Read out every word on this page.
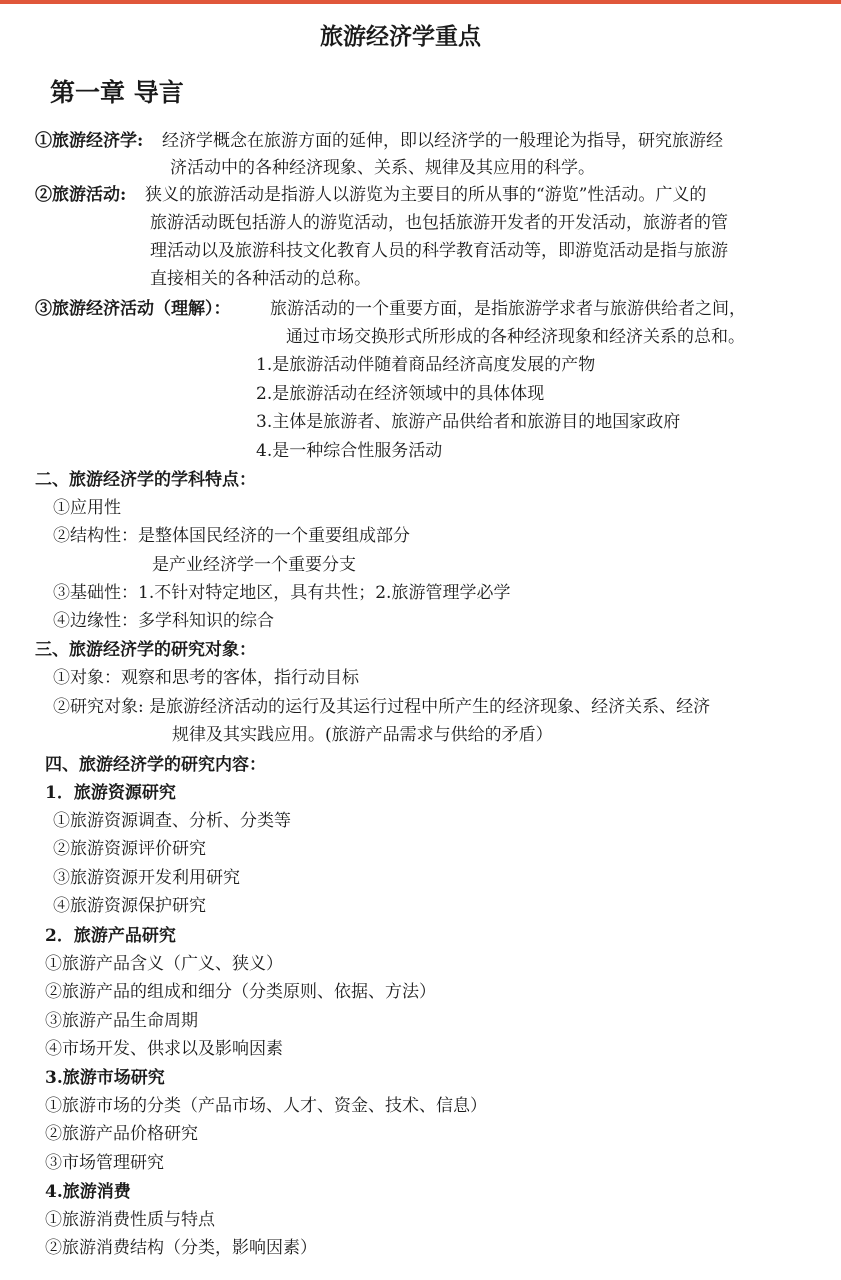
旅游经济学重点
第一章 导言
①旅游经济学: 经济学概念在旅游方面的延伸，即以经济学的一般理论为指导，研究旅游经
济活动中的各种经济现象、关系、规律及其应用的科学。
②旅游活动: 狭义的旅游活动是指游人以游览为主要目的所从事的“游览”性活动。广义的
旅游活动既包括游人的游览活动，也包括旅游开发者的开发活动，旅游者的管
理活动以及旅游科技文化教育人员的科学教育活动等，即游览活动是指与旅游
直接相关的各种活动的总称。
③旅游经济活动（理解）： 旅游活动的一个重要方面，是指旅游学求者与旅游供给者之间，
通过市场交换形式所形成的各种经济现象和经济关系的总和。
1.是旅游活动伴随着商品经济高度发展的产物
2.是旅游活动在经济领域中的具体体现
3.主体是旅游者、旅游产品供给者和旅游目的地国家政府
4.是一种综合性服务活动
二、旅游经济学的学科特点：
①应用性
②结构性：是整体国民经济的一个重要组成部分
是产业经济学一个重要分支
③基础性：1.不针对特定地区，具有共性；2.旅游管理学必学
④边缘性：多学科知识的综合
三、旅游经济学的研究对象：
①对象：观察和思考的客体，指行动目标
②研究对象: 是旅游经济活动的运行及其运行过程中所产生的经济现象、经济关系、经济
规律及其实践应用。(旅游产品需求与供给的矛盾）
四、旅游经济学的研究内容：
1．旅游资源研究
①旅游资源调查、分析、分类等
②旅游资源评价研究
③旅游资源开发利用研究
④旅游资源保护研究
2．旅游产品研究
①旅游产品含义（广义、狭义）
②旅游产品的组成和细分（分类原则、依据、方法）
③旅游产品生命周期
④市场开发、供求以及影响因素
3.旅游市场研究
①旅游市场的分类（产品市场、人才、资金、技术、信息）
②旅游产品价格研究
③市场管理研究
4.旅游消费
①旅游消费性质与特点
②旅游消费结构（分类，影响因素）
